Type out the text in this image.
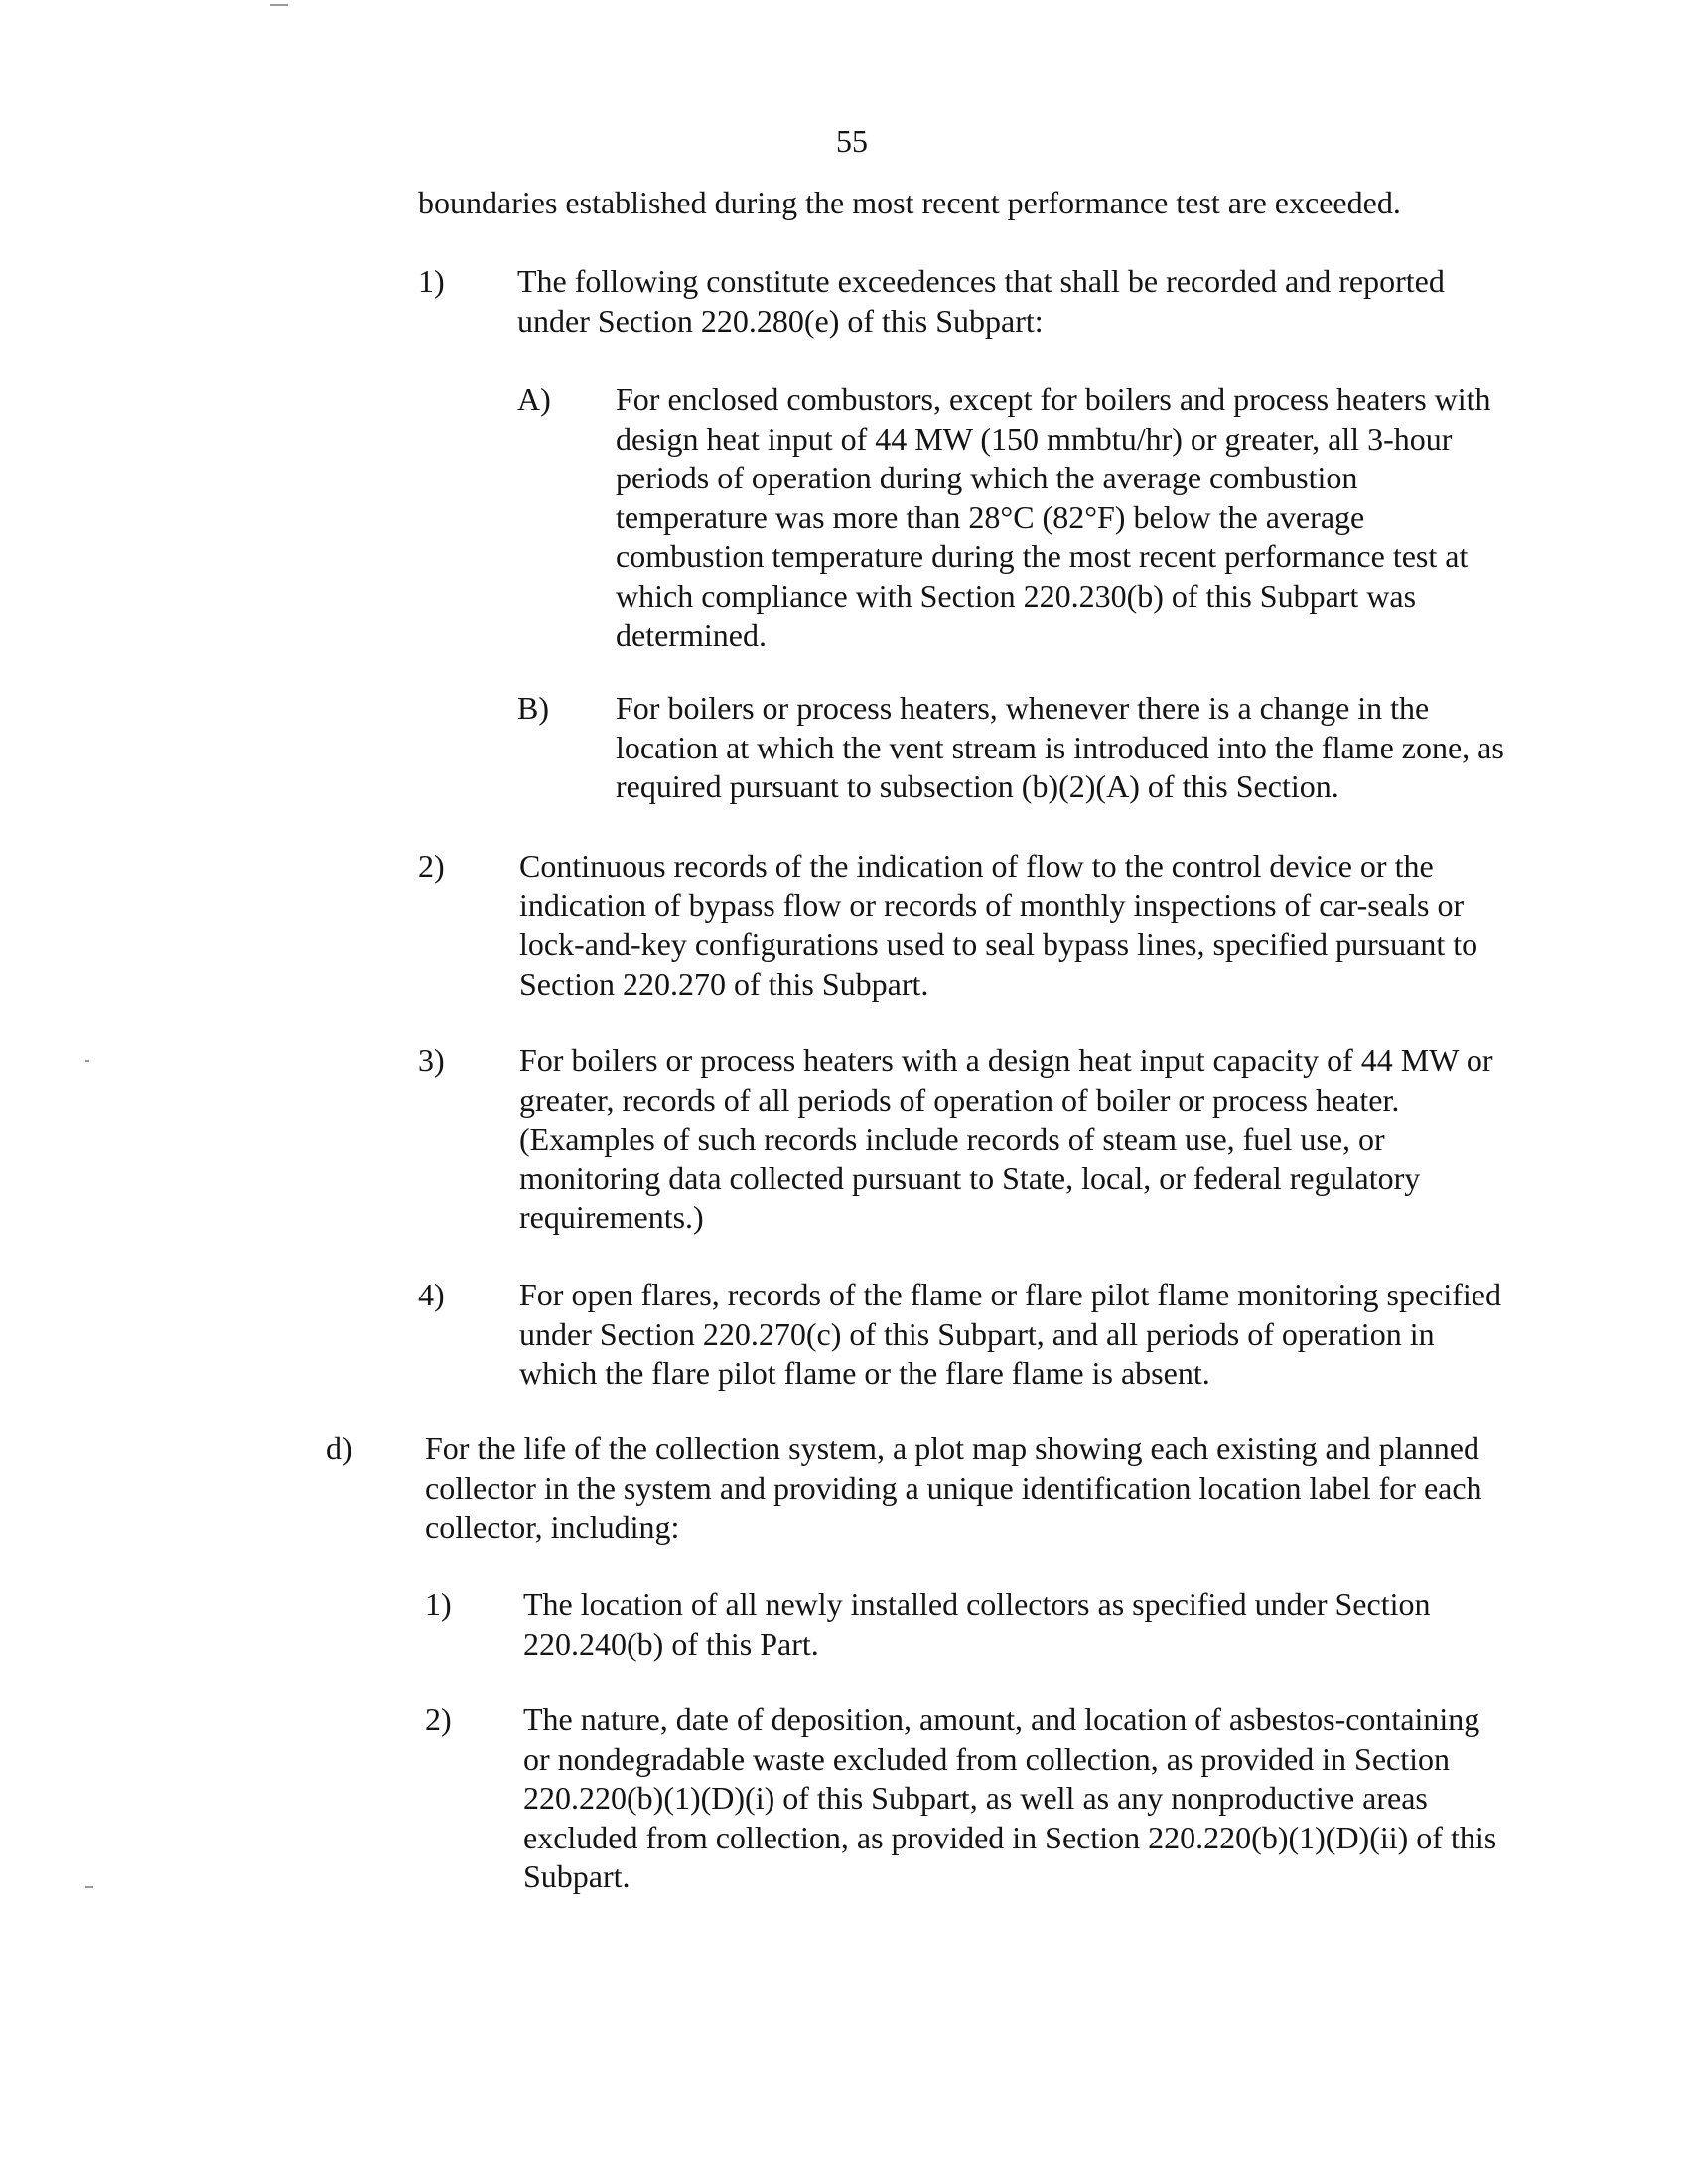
55

boundaries established during the most recent performance test are exceeded.

1) The following constitute exceedences that shall be recorded and reported under Section 220.280(e) of this Subpart:

A) For enclosed combustors, except for boilers and process heaters with design heat input of 44 MW (150 mmbtu/hr) or greater, all 3-hour periods of operation during which the average combustion temperature was more than 28°C (82°F) below the average combustion temperature during the most recent performance test at which compliance with Section 220.230(b) of this Subpart was determined.

B) For boilers or process heaters, whenever there is a change in the location at which the vent stream is introduced into the flame zone, as required pursuant to subsection (b)(2)(A) of this Section.

2) Continuous records of the indication of flow to the control device or the indication of bypass flow or records of monthly inspections of car-seals or lock-and-key configurations used to seal bypass lines, specified pursuant to Section 220.270 of this Subpart.

3) For boilers or process heaters with a design heat input capacity of 44 MW or greater, records of all periods of operation of boiler or process heater. (Examples of such records include records of steam use, fuel use, or monitoring data collected pursuant to State, local, or federal regulatory requirements.)

4) For open flares, records of the flame or flare pilot flame monitoring specified under Section 220.270(c) of this Subpart, and all periods of operation in which the flare pilot flame or the flare flame is absent.

d) For the life of the collection system, a plot map showing each existing and planned collector in the system and providing a unique identification location label for each collector, including:

1) The location of all newly installed collectors as specified under Section 220.240(b) of this Part.

2) The nature, date of deposition, amount, and location of asbestos-containing or nondegradable waste excluded from collection, as provided in Section 220.220(b)(1)(D)(i) of this Subpart, as well as any nonproductive areas excluded from collection, as provided in Section 220.220(b)(1)(D)(ii) of this Subpart.
